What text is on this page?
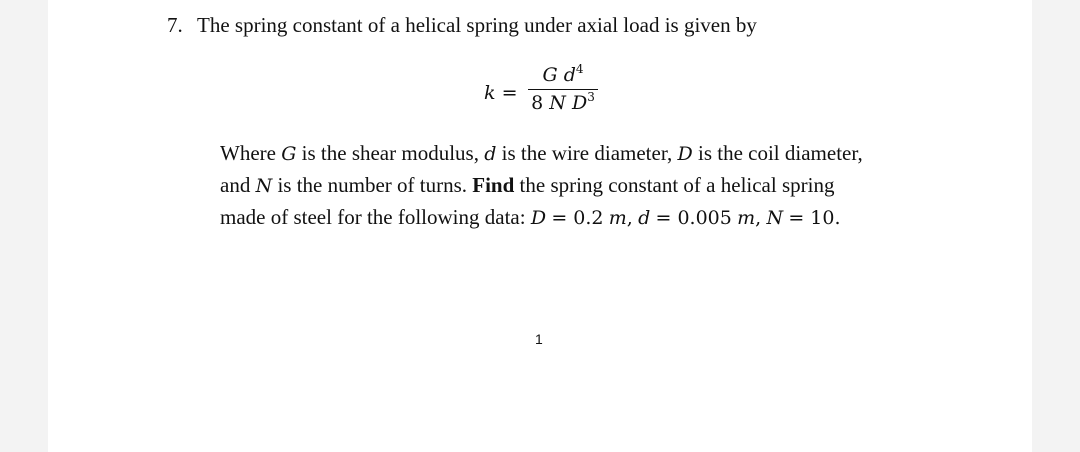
7. The spring constant of a helical spring under axial load is given by
k =
G $d^4$
8 N $D^3$
Where G is the shear modulus, d is the wire diameter, D is the coil diameter,
and N is the number of turns. Find the spring constant of a helical spring
made of steel for the following data: D = 0.2 m, d = 0.005 m, N = 10.
1
